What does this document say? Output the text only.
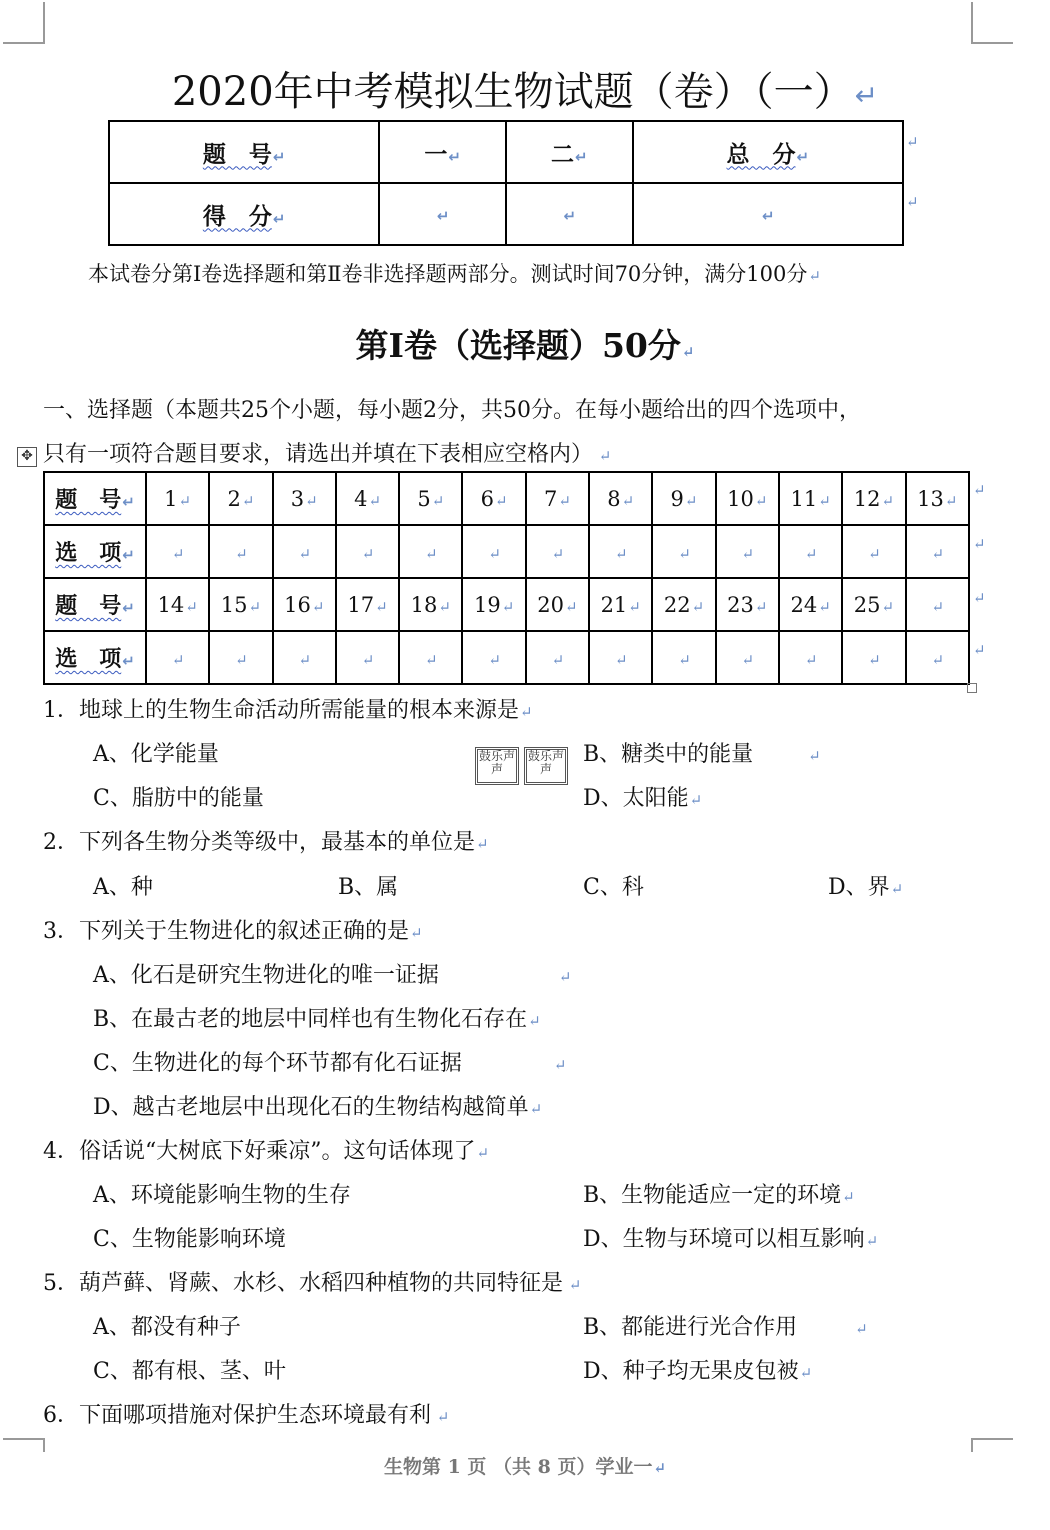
2020年中考模拟生物试题（卷）（一）↵
题　号↵	一↵	二↵	总　分↵
得　分↵	↵	↵	↵
↵
↵
本试卷分第Ⅰ卷选择题和第Ⅱ卷非选择题两部分。测试时间70分钟，满分100分↵
第Ⅰ卷（选择题）50分↵
一、选择题（本题共25个小题，每小题2分，共50分。在每小题给出的四个选项中，
只有一项符合题目要求，请选出并填在下表相应空格内） ↵
✥
题　号↵	1↵	2↵	3↵	4↵	5↵	6↵	7↵	8↵	9↵	10↵	11↵	12↵	13↵
选　项↵	↵	↵	↵	↵	↵	↵	↵	↵	↵	↵	↵	↵	↵
题　号↵	14↵	15↵	16↵	17↵	18↵	19↵	20↵	21↵	22↵	23↵	24↵	25↵	↵
选　项↵	↵	↵	↵	↵	↵	↵	↵	↵	↵	↵	↵	↵	↵
↵
↵
↵
↵
1．地球上的生物生命活动所需能量的根本来源是↵
A、化学能量	B、糖类中的能量	↵
C、脂肪中的能量	D、太阳能↵
鼓乐声声
鼓乐声声
2．下列各生物分类等级中，最基本的单位是↵
A、种	B、属	C、科	D、界↵
3．下列关于生物进化的叙述正确的是↵
A、化石是研究生物进化的唯一证据	↵
B、在最古老的地层中同样也有生物化石存在↵
C、生物进化的每个环节都有化石证据	↵
D、越古老地层中出现化石的生物结构越简单↵
4．俗话说“大树底下好乘凉”。这句话体现了↵
A、环境能影响生物的生存	B、生物能适应一定的环境↵
C、生物能影响环境	D、生物与环境可以相互影响↵
5．葫芦藓、肾蕨、水杉、水稻四种植物的共同特征是 ↵
A、都没有种子	B、都能进行光合作用	↵
C、都有根、茎、叶	D、种子均无果皮包被↵
6．下面哪项措施对保护生态环境最有利 ↵
生物第 1 页 （共 8 页）学业一↵
